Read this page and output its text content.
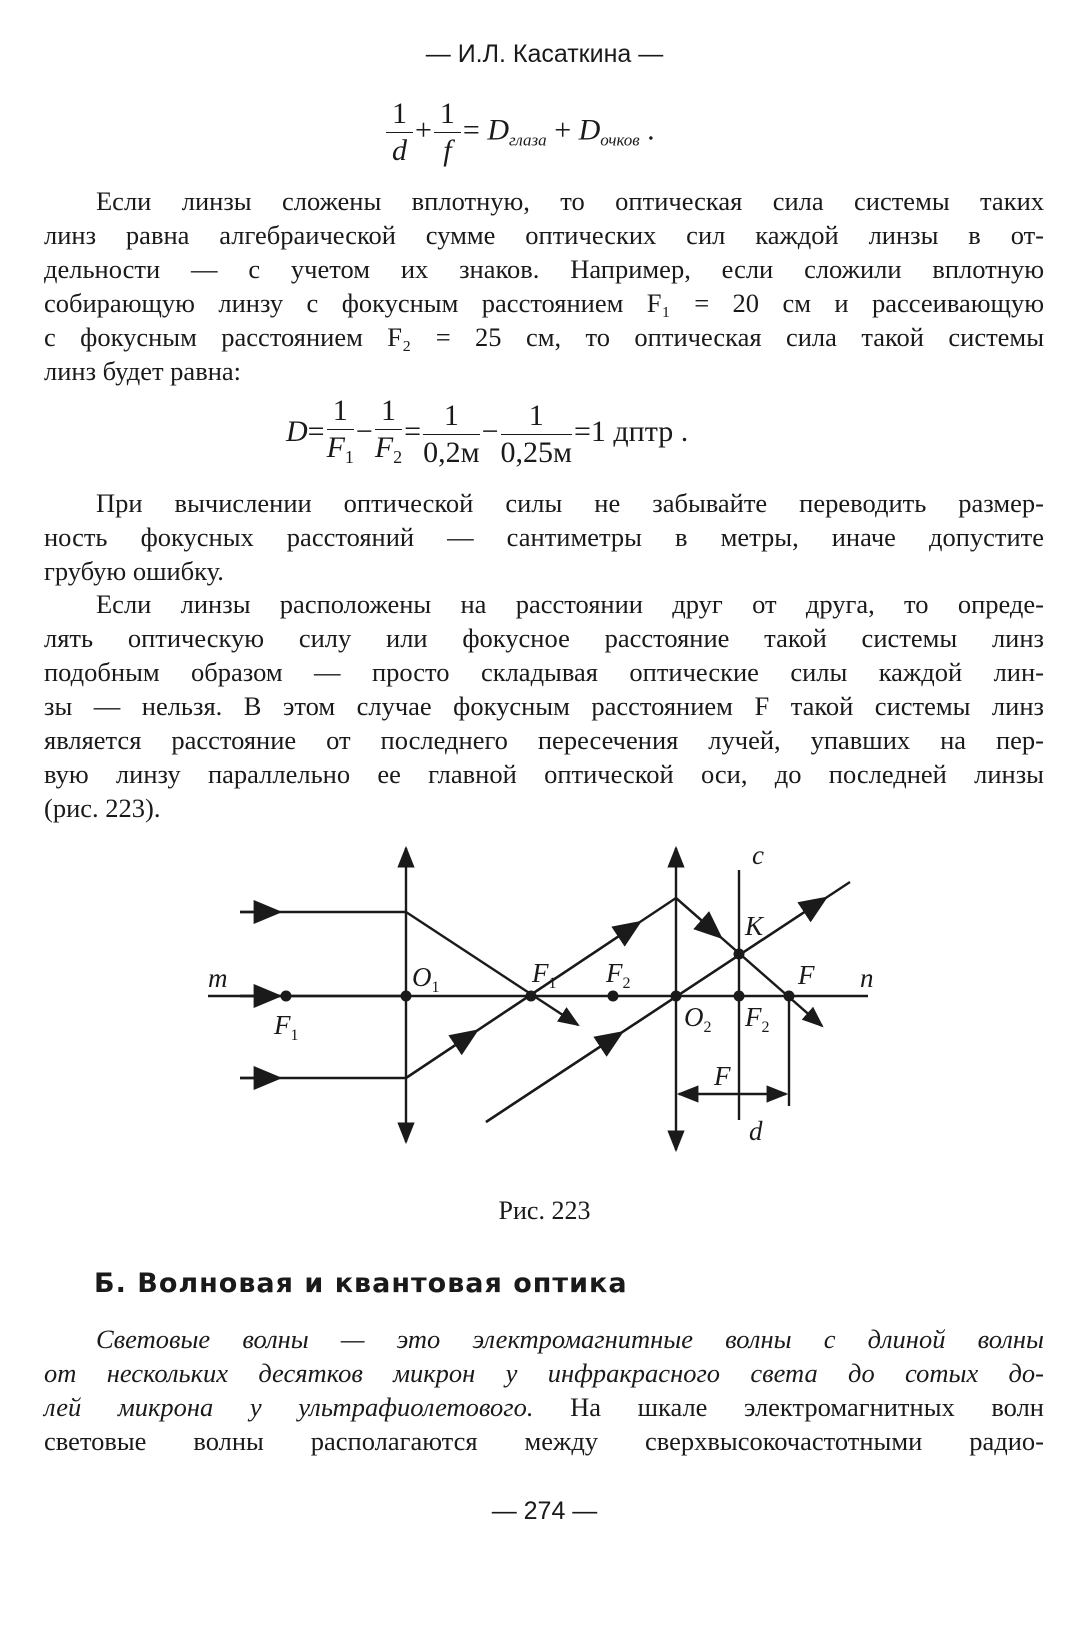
— И.Л. Касаткина —
$\frac{1}{d} + \frac{1}{f} = D_{глаза} + D_{очков}$ .
Если линзы сложены вплотную, то оптическая сила системы таких
линз равна алгебраической сумме оптических сил каждой линзы в от-
дельности — с учетом их знаков. Например, если сложили вплотную
собирающую линзу с фокусным расстоянием F₁ = 20 см и рассеивающую
с фокусным расстоянием F₂ = 25 см, то оптическая сила такой системы
линз будет равна:
$D= \frac{1}{F_1} - \frac{1}{F_2} = \frac{1}{0,2м} - \frac{1}{0,25м} =1$ дптр .
При вычислении оптической силы не забывайте переводить размер-
ность фокусных расстояний — сантиметры в метры, иначе допустите
грубую ошибку.
Если линзы расположены на расстоянии друг от друга, то опреде-
лять оптическую силу или фокусное расстояние такой системы линз
подобным образом — просто складывая оптические силы каждой лин-
зы — нельзя. В этом случае фокусным расстоянием F такой системы линз
является расстояние от последнего пересечения лучей, упавших на пер-
вую линзу параллельно ее главной оптической оси, до последней линзы
(рис. 223).
m	n
c
K
d
$F_1$
$O_1$	$F_1$ $F_2$
$O_2$ $F_2$
F
F
Рис. 223
Б. Волновая и квантовая оптика
Световые волны — это электромагнитные волны с длиной волны
от нескольких десятков микрон у инфракрасного света до сотых до-
лей микрона у ультрафиолетового. На шкале электромагнитных волн
световые волны располагаются между сверхвысокочастотными радио-
— 274 —
